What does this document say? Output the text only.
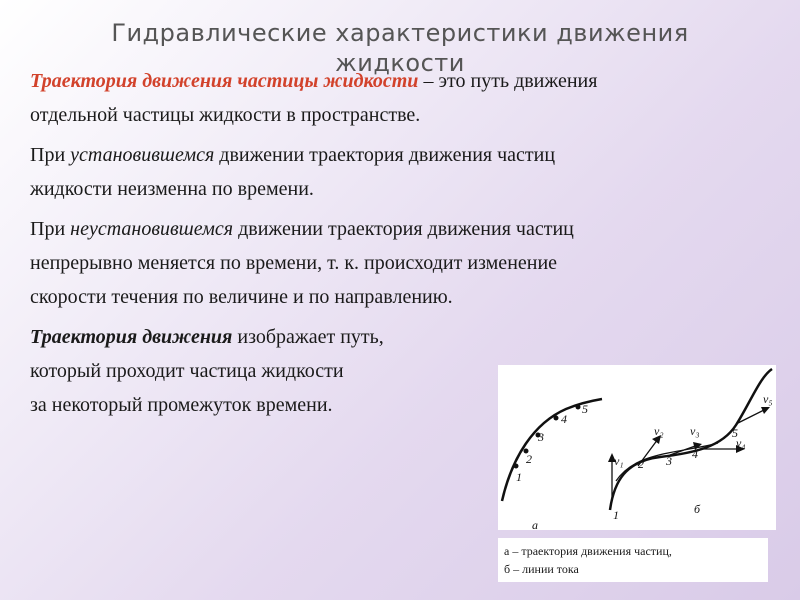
Гидравлические характеристики движения
жидкости
Траектория движения частицы жидкости – это путь движения
отдельной частицы жидкости в пространстве.
При установившемся движении траектория движения частиц
жидкости неизменна по времени.
При неустановившемся движении траектория движения частиц
непрерывно меняется по времени, т. к. происходит изменение
скорости течения по величине и по направлению.
Траектория движения изображает путь,
который проходит частица жидкости
за некоторый промежуток времени.
1
2
3
4
5
а
1
2 3 4
5
v₁
v₂ v₃
v₄
v₅
б
а – траектория движения частиц,
б – линии тока
